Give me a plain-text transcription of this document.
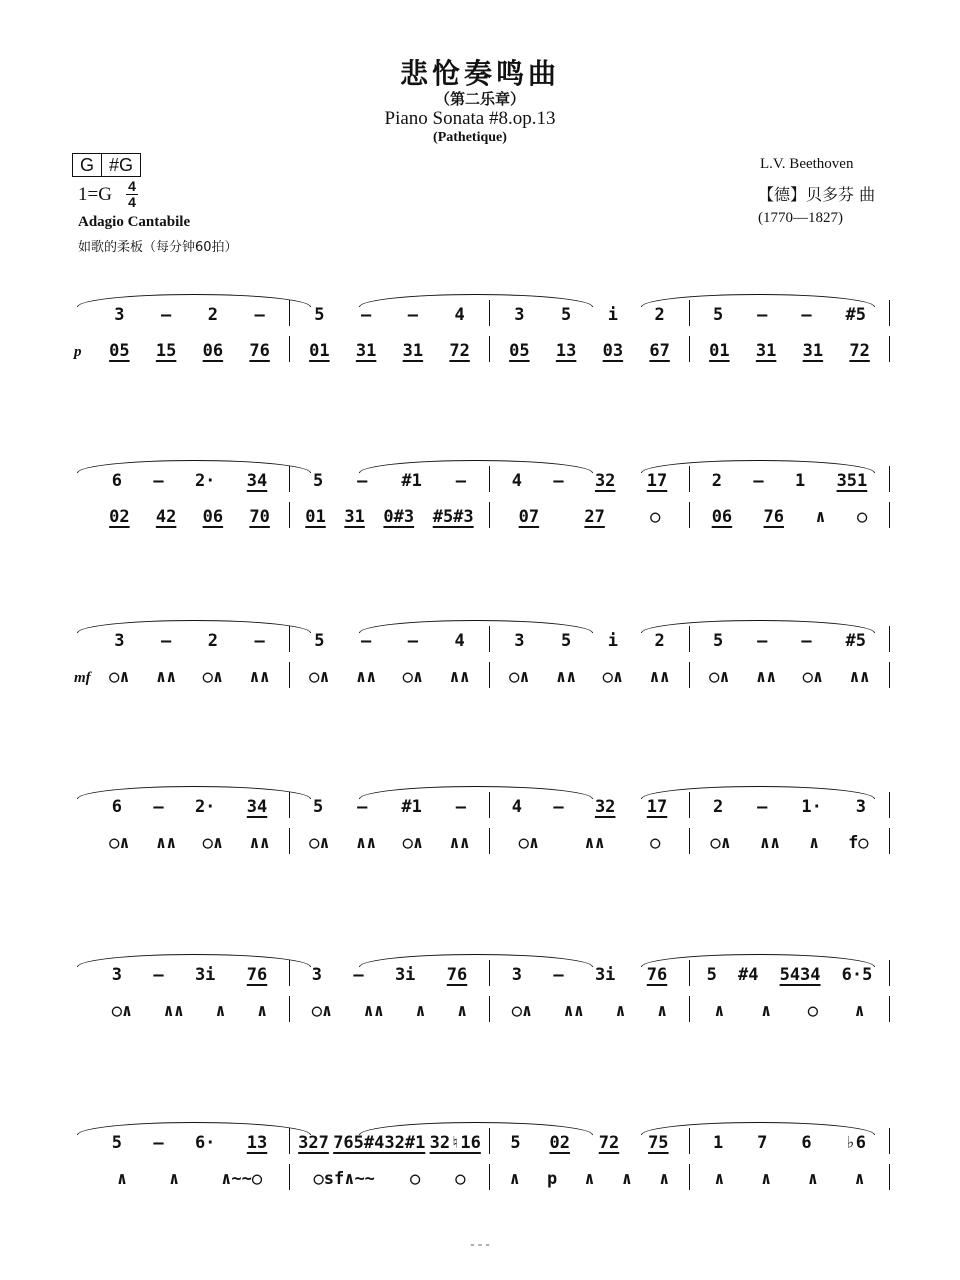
悲怆奏鸣曲
（第二乐章）
Piano Sonata #8.op.13
(Pathetique)
G #G
1=G 4
4
Adagio Cantabile
如歌的柔板（每分钟60拍）
L.V. Beethoven
【德】贝多芬 曲
(1770—1827)
3 — 2 —	5 — — 4	3 5 i 2	5 — — #5
05 15 06 76 01 31 31 72 05 13 03 67 01 31 31 72
p
6 — 2· 34	5 — #1 —	4 — 32 17	2 — 1 351
02 42 06 70 01 31 0#3 #5#3	07	27	○	06 76 ∧ ○
3 — 2 —	5 — — 4	3 5 i 2	5 — — #5
○∧ ∧∧ ○∧ ∧∧ ○∧ ∧∧ ○∧ ∧∧ ○∧ ∧∧ ○∧ ∧∧ ○∧ ∧∧ ○∧ ∧∧
mf
6 — 2· 34	5 — #1 —	4 — 32 17	2 — 1· 3
○∧ ∧∧ ○∧ ∧∧ ○∧ ∧∧ ○∧ ∧∧	○∧	∧∧	○	○∧ ∧∧ ∧ f○
3 — 3i 76	3 — 3i 76	3 — 3i 76 5 #4 5434 6·5
○∧ ∧∧ ∧ ∧	○∧ ∧∧ ∧ ∧	○∧ ∧∧ ∧ ∧	∧ ∧ ○ ∧
5 — 6· 13 327 765#432#1 32♮16 5 02 72 75	1 7 6 ♭6
∧ ∧ ∧~~○	○sf∧~~ ○ ○	∧ p ∧ ∧ ∧	∧ ∧ ∧ ∧
- - -
